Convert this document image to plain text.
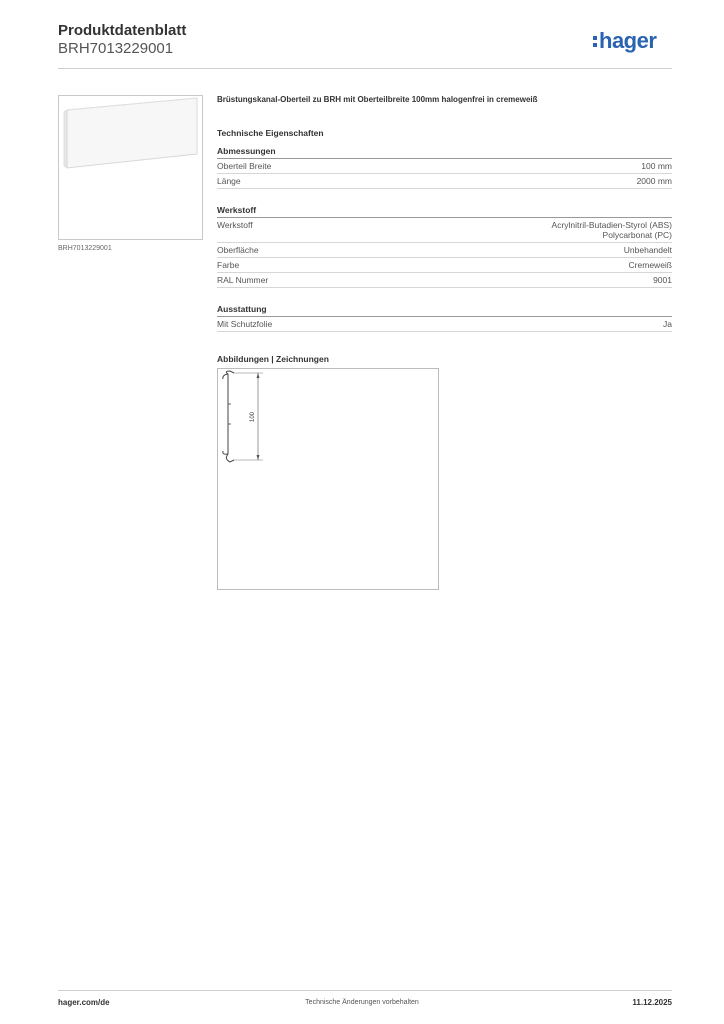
Produktdatenblatt
BRH7013229001	hager
BRH7013229001
Brüstungskanal-Oberteil zu BRH mit Oberteilbreite 100mm halogenfrei in cremeweiß
Technische Eigenschaften
Abmessungen
Oberteil Breite	100 mm
Länge	2000 mm
Werkstoff
Werkstoff	Acrylnitril-Butadien-Styrol (ABS)
Polycarbonat (PC)
Oberfläche	Unbehandelt
Farbe	Cremeweiß
RAL Nummer	9001
Ausstattung
Mit Schutzfolie	Ja
Abbildungen | Zeichnungen
100
hager.com/de	Technische Änderungen vorbehalten	11.12.2025
